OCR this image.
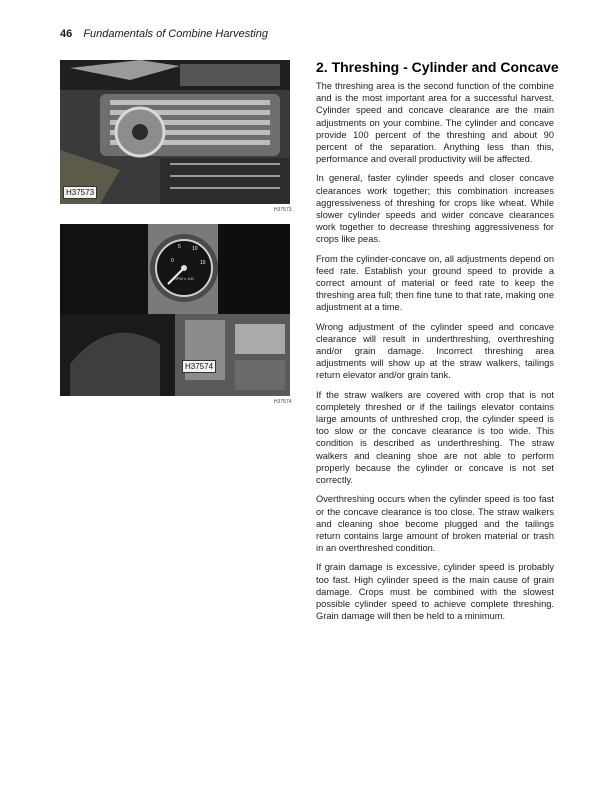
46 Fundamentals of Combine Harvesting
H37573
H37573
0
5 10
15
RPM x 100
H37574
H37574
2. Threshing - Cylinder and Concave

The threshing area is the second function of the combine and is the most important area for a successful harvest. Cylinder speed and concave clearance are the main adjustments on your combine. The cylinder and concave provide 100 percent of the threshing and about 90 percent of the separation. Anything less than this, performance and overall productivity will be affected.

In general, faster cylinder speeds and closer concave clearances work together; this combination increases aggressiveness of threshing for crops like wheat. While slower cylinder speeds and wider concave clearances work together to decrease threshing aggressiveness for crops like peas.

From the cylinder-concave on, all adjustments depend on feed rate. Establish your ground speed to provide a correct amount of material or feed rate to keep the threshing area full; then fine tune to that rate, making one adjustment at a time.

Wrong adjustment of the cylinder speed and concave clearance will result in underthreshing, overthreshing and/or grain damage. Incorrect threshing area adjustments will show up at the straw walkers, tailings return elevator and/or grain tank.

If the straw walkers are covered with crop that is not completely threshed or if the tailings elevator contains large amounts of unthreshed crop, the cylinder speed is too slow or the concave clearance is too wide. This condition is described as underthreshing. The straw walkers and cleaning shoe are not able to perform properly because the cylinder or concave is not set correctly.

Overthreshing occurs when the cylinder speed is too fast or the concave clearance is too close. The straw walkers and cleaning shoe become plugged and the tailings return contains large amount of broken material or trash in an overthreshed condition.

If grain damage is excessive, cylinder speed is probably too fast. High cylinder speed is the main cause of grain damage. Crops must be combined with the slowest possible cylinder speed to achieve complete threshing. Grain damage will then be held to a minimum.
